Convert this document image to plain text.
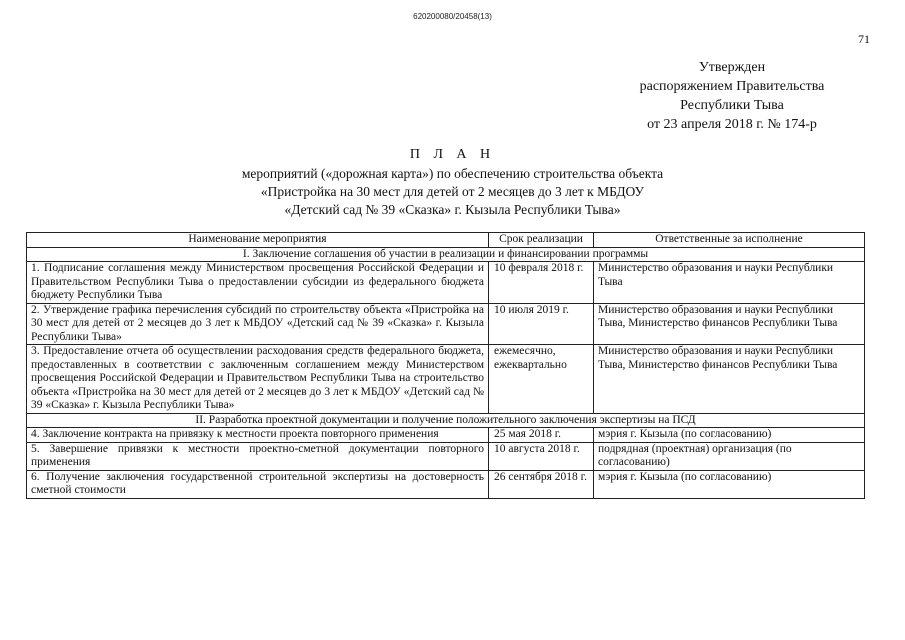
620200080/20458(13)
71
Утвержден
распоряжением Правительства
Республики Тыва
от 23 апреля 2018 г. № 174-р
П Л А Н
мероприятий («дорожная карта») по обеспечению строительства объекта
«Пристройка на 30 мест для детей от 2 месяцев до 3 лет к МБДОУ
«Детский сад № 39 «Сказка» г. Кызыла Республики Тыва»
Наименование мероприятия	Срок реализации	Ответственные за исполнение
I. Заключение соглашения об участии в реализации и финансировании программы		
1. Подписание соглашения между Министерством просвещения Российской Федерации и Правительством Республики Тыва о предоставлении субсидии из федерального бюджета бюджету Республики Тыва	10 февраля 2018 г.	Министерство образования и науки Республики Тыва
2. Утверждение графика перечисления субсидий по строительству объекта «Пристройка на 30 мест для детей от 2 месяцев до 3 лет к МБДОУ «Детский сад № 39 «Сказка» г. Кызыла Республики Тыва»	10 июля 2019 г.	Министерство образования и науки Республики Тыва, Министерство финансов Республики Тыва
3. Предоставление отчета об осуществлении расходования средств федерального бюджета, предоставленных в соответствии с заключенным соглашением между Министерством просвещения Российской Федерации и Правительством Республики Тыва на строительство объекта «Пристройка на 30 мест для детей от 2 месяцев до 3 лет к МБДОУ «Детский сад № 39 «Сказка» г. Кызыла Республики Тыва»	ежемесячно, ежеквартально	Министерство образования и науки Республики Тыва, Министерство финансов Республики Тыва
II. Разработка проектной документации и получение положительного заключения экспертизы на ПСД		
4. Заключение контракта на привязку к местности проекта повторного применения	25 мая 2018 г.	мэрия г. Кызыла (по согласованию)
5. Завершение привязки к местности проектно-сметной документации повторного применения	10 августа 2018 г.	подрядная (проектная) организация (по согласованию)
6. Получение заключения государственной строительной экспертизы на достоверность сметной стоимости	26 сентября 2018 г.	мэрия г. Кызыла (по согласованию)
